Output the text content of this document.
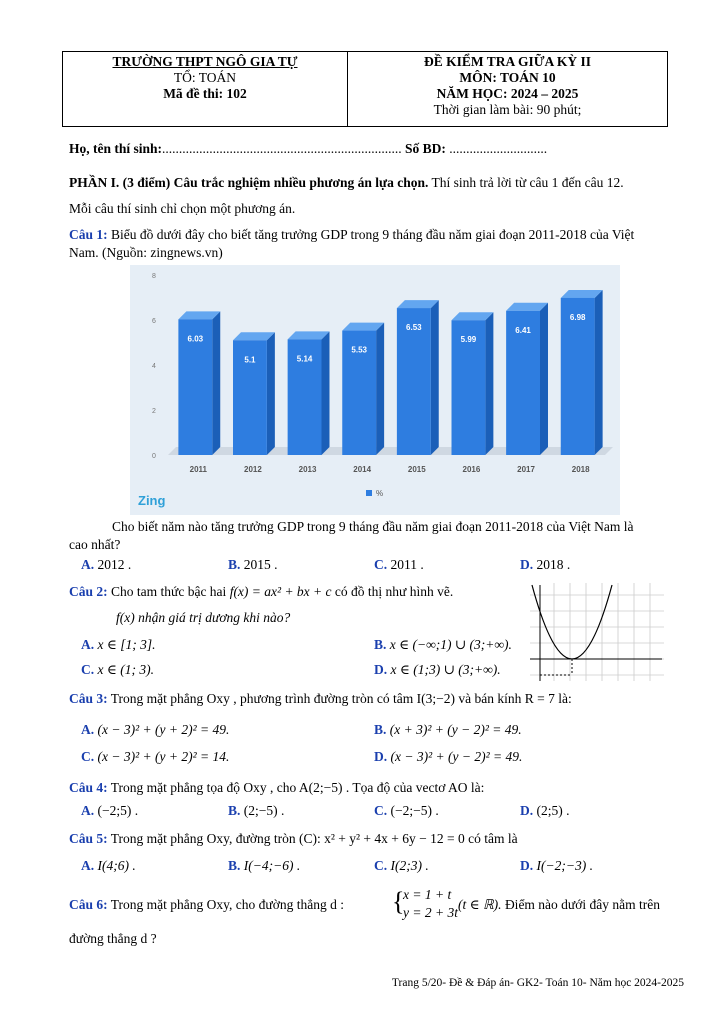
TRƯỜNG THPT NGÔ GIA TỰ
TỔ: TOÁN
Mã đề thi: 102
ĐỀ KIỂM TRA GIỮA KỲ II
MÔN: TOÁN 10
NĂM HỌC: 2024 – 2025
Thời gian làm bài: 90 phút;
Họ, tên thí sinh:....................................................................... Số BD: .............................
PHẦN I. (3 điểm) Câu trắc nghiệm nhiều phương án lựa chọn. Thí sinh trả lời từ câu 1 đến câu 12.
Mỗi câu thí sinh chỉ chọn một phương án.
Câu 1: Biểu đồ dưới đây cho biết tăng trưởng GDP trong 9 tháng đầu năm giai đoạn 2011-2018 của Việt
Nam. (Nguồn: zingnews.vn)
0
2
4
6
8
6.03
2011
5.1
2012
5.14
2013
5.53
2014
6.53
2015
5.99
2016
6.41
2017
6.98
2018
%
Zing
Cho biết năm nào tăng trưởng GDP trong 9 tháng đầu năm giai đoạn 2011-2018 của Việt Nam là
cao nhất?
A. 2012 .	B. 2015 .	C. 2011 .	D. 2018 .
Câu 2: Cho tam thức bậc hai f(x) = ax² + bx + c có đồ thị như hình vẽ.
f(x) nhận giá trị dương khi nào?
A. x ∈ [1; 3].	B. x ∈ (−∞;1) ∪ (3;+∞).
C. x ∈ (1; 3).	D. x ∈ (1;3) ∪ (3;+∞).
Câu 3: Trong mặt phẳng Oxy , phương trình đường tròn có tâm I(3;−2) và bán kính R = 7 là:
A. (x − 3)² + (y + 2)² = 49.	B. (x + 3)² + (y − 2)² = 49.
C. (x − 3)² + (y + 2)² = 14.	D. (x − 3)² + (y − 2)² = 49.
Câu 4: Trong mặt phẳng tọa độ Oxy , cho A(2;−5) . Tọa độ của vectơ AO là:
A. (−2;5) .	B. (2;−5) .	C. (−2;−5) .	D. (2;5) .
Câu 5: Trong mặt phẳng Oxy, đường tròn (C): x² + y² + 4x + 6y − 12 = 0 có tâm là
A. I(4;6) .	B. I(−4;−6) .	C. I(2;3) .	D. I(−2;−3) .
Câu 6: Trong mặt phẳng Oxy, cho đường thẳng d : {
x = 1 + t
y = 2 + 3t
(t ∈ ℝ). Điểm nào dưới đây nằm trên
đường thẳng d ?
Trang 5/20- Đề & Đáp án- GK2- Toán 10- Năm học 2024-2025
